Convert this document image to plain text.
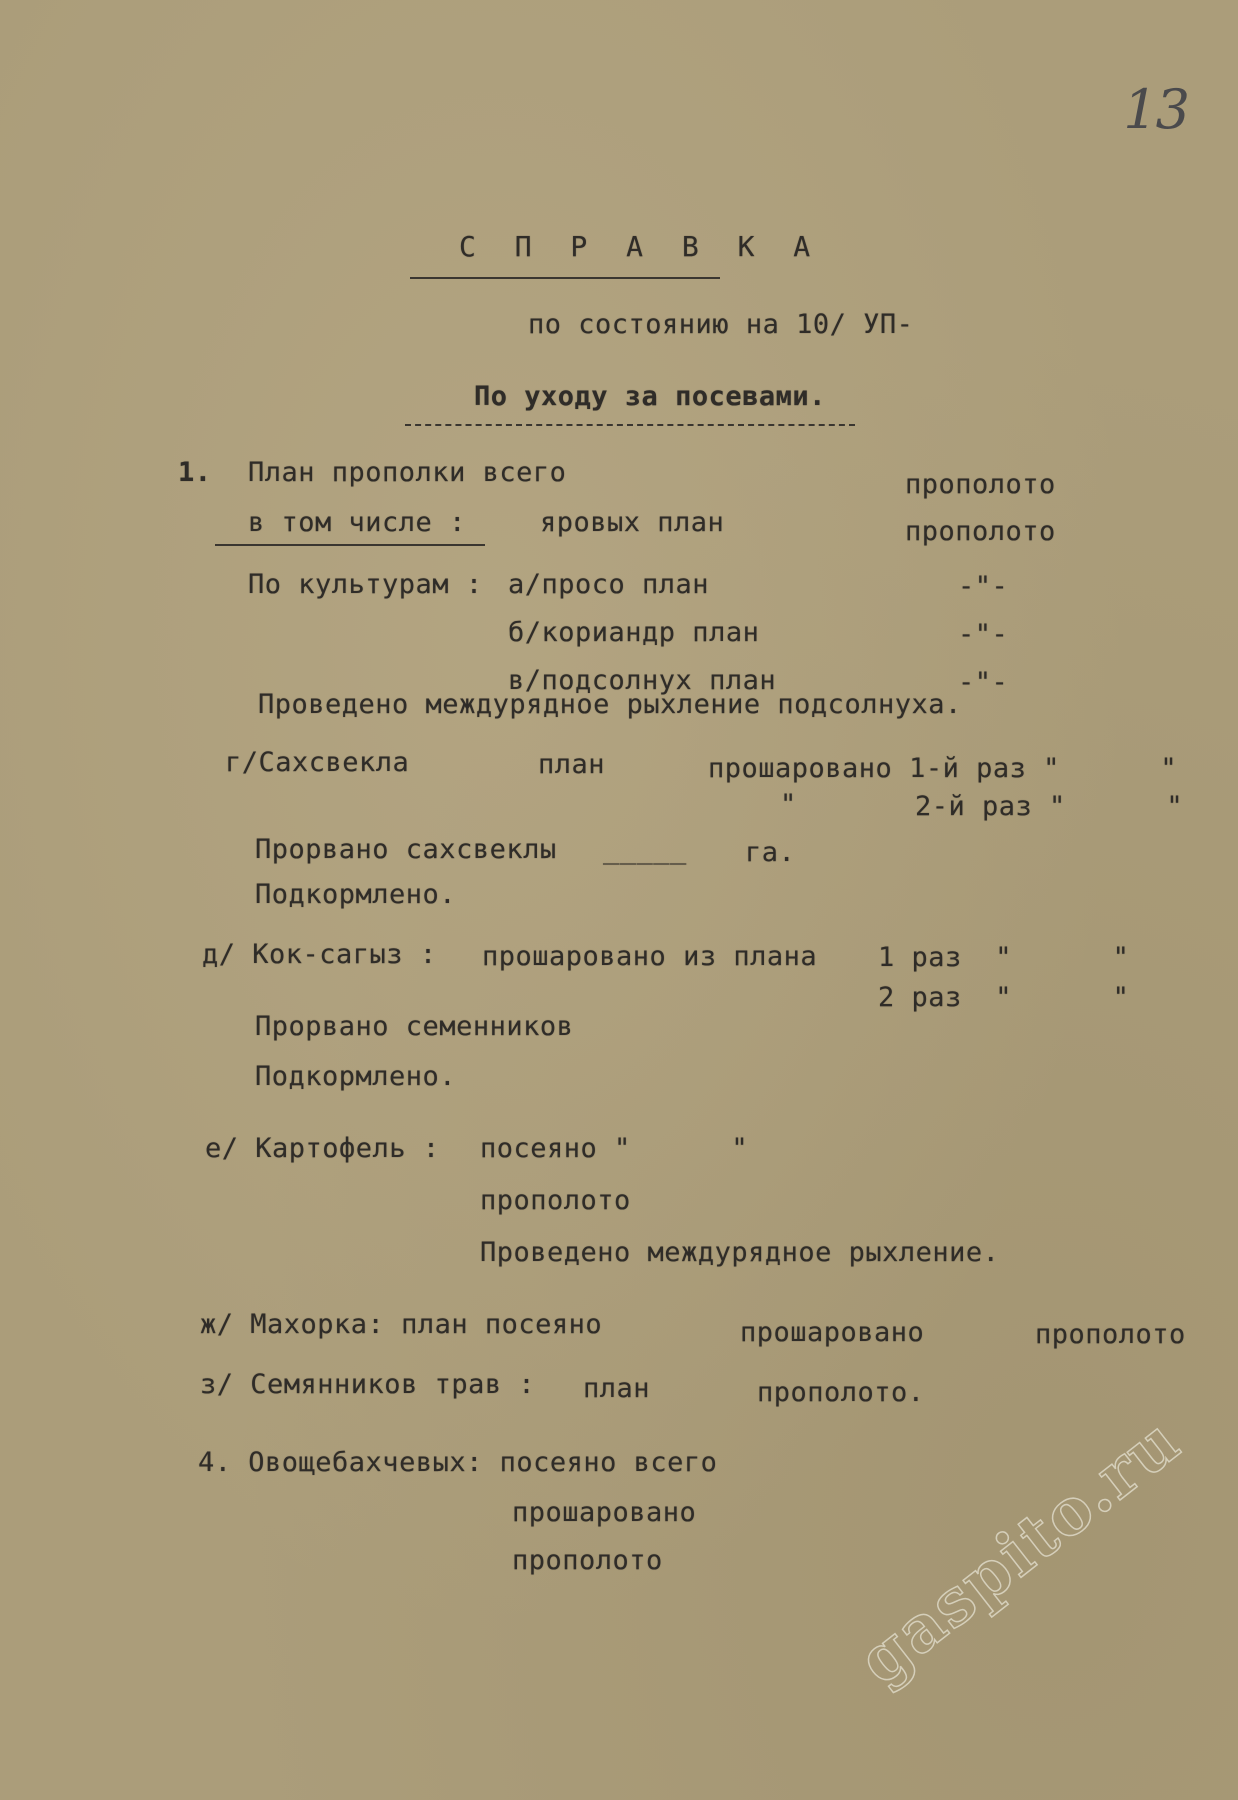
13
С П Р А В К А
по состоянию на 10/ УП-
По уходу за посевами.
1. План прополки всего	прополото
в том числе :	яровых план	прополото
По культурам : а/просо план	-"-
б/кориандр план	-"-
в/подсолнух план	-"-
Проведено междурядное рыхление подсолнуха.
г/Сахсвекла	план	прошаровано 1-й раз "      "
"	2-й раз "      "
Прорвано сахсвеклы _____ га.
Подкормлено.
д/ Кок-сагыз : прошаровано из плана 1 раз  "      "
2 раз  "      "
Прорвано семенников
Подкормлено.
е/ Картофель : посеяно "      "
прополото
Проведено междурядное рыхление.
ж/ Махорка: план посеяно	прошаровано	прополото
з/ Семянников трав : план	прополото.
4. Овощебахчевых: посеяно всего
прошаровано
прополото	gaspito.ru
